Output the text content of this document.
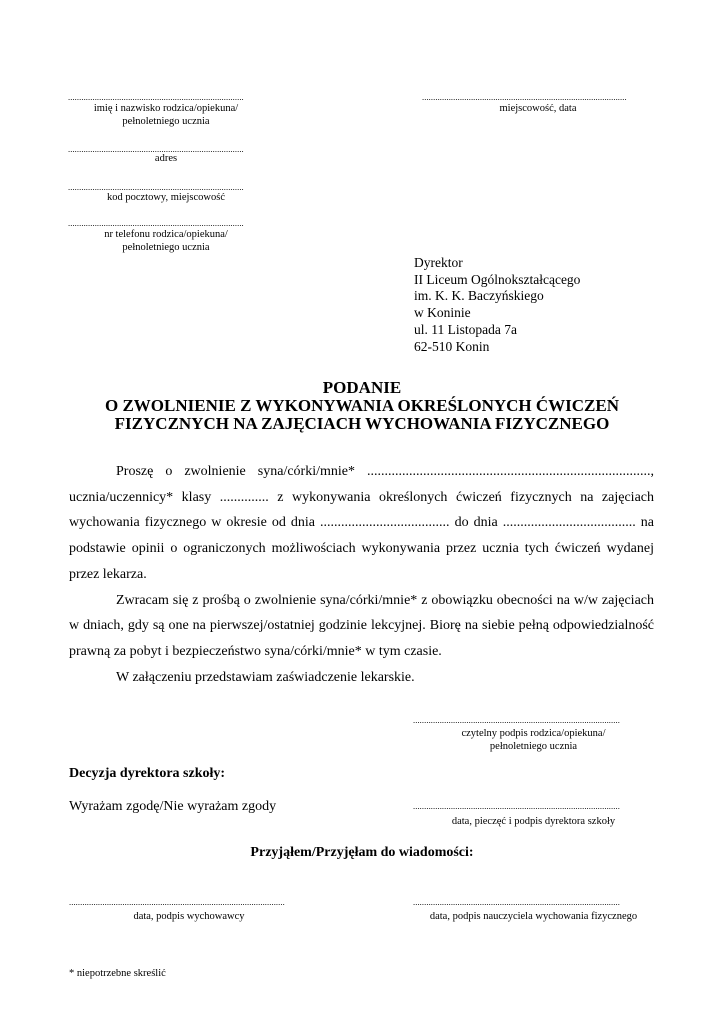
...............................................................................
imię i nazwisko rodzica/opiekuna/
pełnoletniego ucznia
...............................................................................
adres
...............................................................................
kod pocztowy, miejscowość
...............................................................................
nr telefonu rodzica/opiekuna/
pełnoletniego ucznia
............................................................................................
miejscowość, data
Dyrektor
II Liceum Ogólnokształcącego
im. K. K. Baczyńskiego
w Koninie
ul. 11 Listopada 7a
62-510 Konin
PODANIE
O ZWOLNIENIE Z WYKONYWANIA OKREŚLONYCH ĆWICZEŃ
FIZYCZNYCH NA ZAJĘCIACH WYCHOWANIA FIZYCZNEGO

Proszę o zwolnienie syna/córki/mnie* ................................................................................., ucznia/uczennicy* klasy .............. z wykonywania określonych ćwiczeń fizycznych na zajęciach wychowania fizycznego w okresie od dnia ..................................... do dnia ...................................... na podstawie opinii o ograniczonych możliwościach wykonywania przez ucznia tych ćwiczeń wydanej przez lekarza.

Zwracam się z prośbą o zwolnienie syna/córki/mnie* z obowiązku obecności na w/w zajęciach w dniach, gdy są one na pierwszej/ostatniej godzinie lekcyjnej. Biorę na siebie pełną odpowiedzialność prawną za pobyt i bezpieczeństwo syna/córki/mnie* w tym czasie.

W załączeniu przedstawiam zaświadczenie lekarskie.

.............................................................................................
czytelny podpis rodzica/opiekuna/
pełnoletniego ucznia
Decyzja dyrektora szkoły:
Wyrażam zgodę/Nie wyrażam zgody	.............................................................................................
data, pieczęć i podpis dyrektora szkoły
Przyjąłem/Przyjęłam do wiadomości:
.................................................................................................
data, podpis wychowawcy
.............................................................................................
data, podpis nauczyciela wychowania fizycznego
* niepotrzebne skreślić
